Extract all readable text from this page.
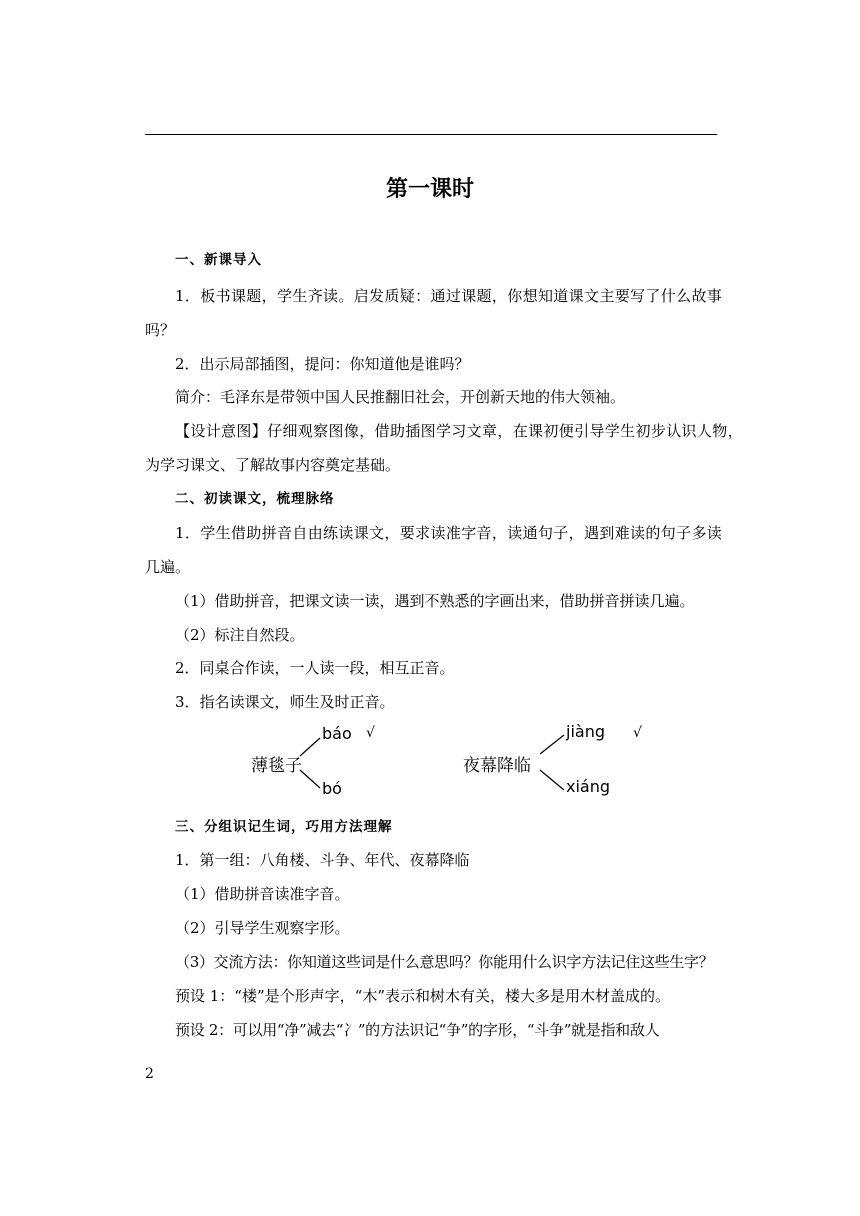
第一课时
一、新课导入
1．板书课题，学生齐读。启发质疑：通过课题，你想知道课文主要写了什么故事
吗？
2．出示局部插图，提问：你知道他是谁吗？
简介：毛泽东是带领中国人民推翻旧社会，开创新天地的伟大领袖。
【设计意图】仔细观察图像，借助插图学习文章，在课初便引导学生初步认识人物，
为学习课文、了解故事内容奠定基础。
二、初读课文，梳理脉络
1．学生借助拼音自由练读课文，要求读准字音，读通句子，遇到难读的句子多读
几遍。
（1）借助拼音，把课文读一读，遇到不熟悉的字画出来，借助拼音拼读几遍。
（2）标注自然段。
2．同桌合作读，一人读一段，相互正音。
3．指名读课文，师生及时正音。
薄毯子
báo √
bó
夜幕降临
jiàng √
xiáng
三、分组识记生词，巧用方法理解
1．第一组：八角楼、斗争、年代、夜幕降临
（1）借助拼音读准字音。
（2）引导学生观察字形。
（3）交流方法：你知道这些词是什么意思吗？你能用什么识字方法记住这些生字？
预设 1：“楼”是个形声字，“木”表示和树木有关，楼大多是用木材盖成的。
预设 2：可以用“净”减去“冫”的方法识记“争”的字形，“斗争”就是指和敌人
2
